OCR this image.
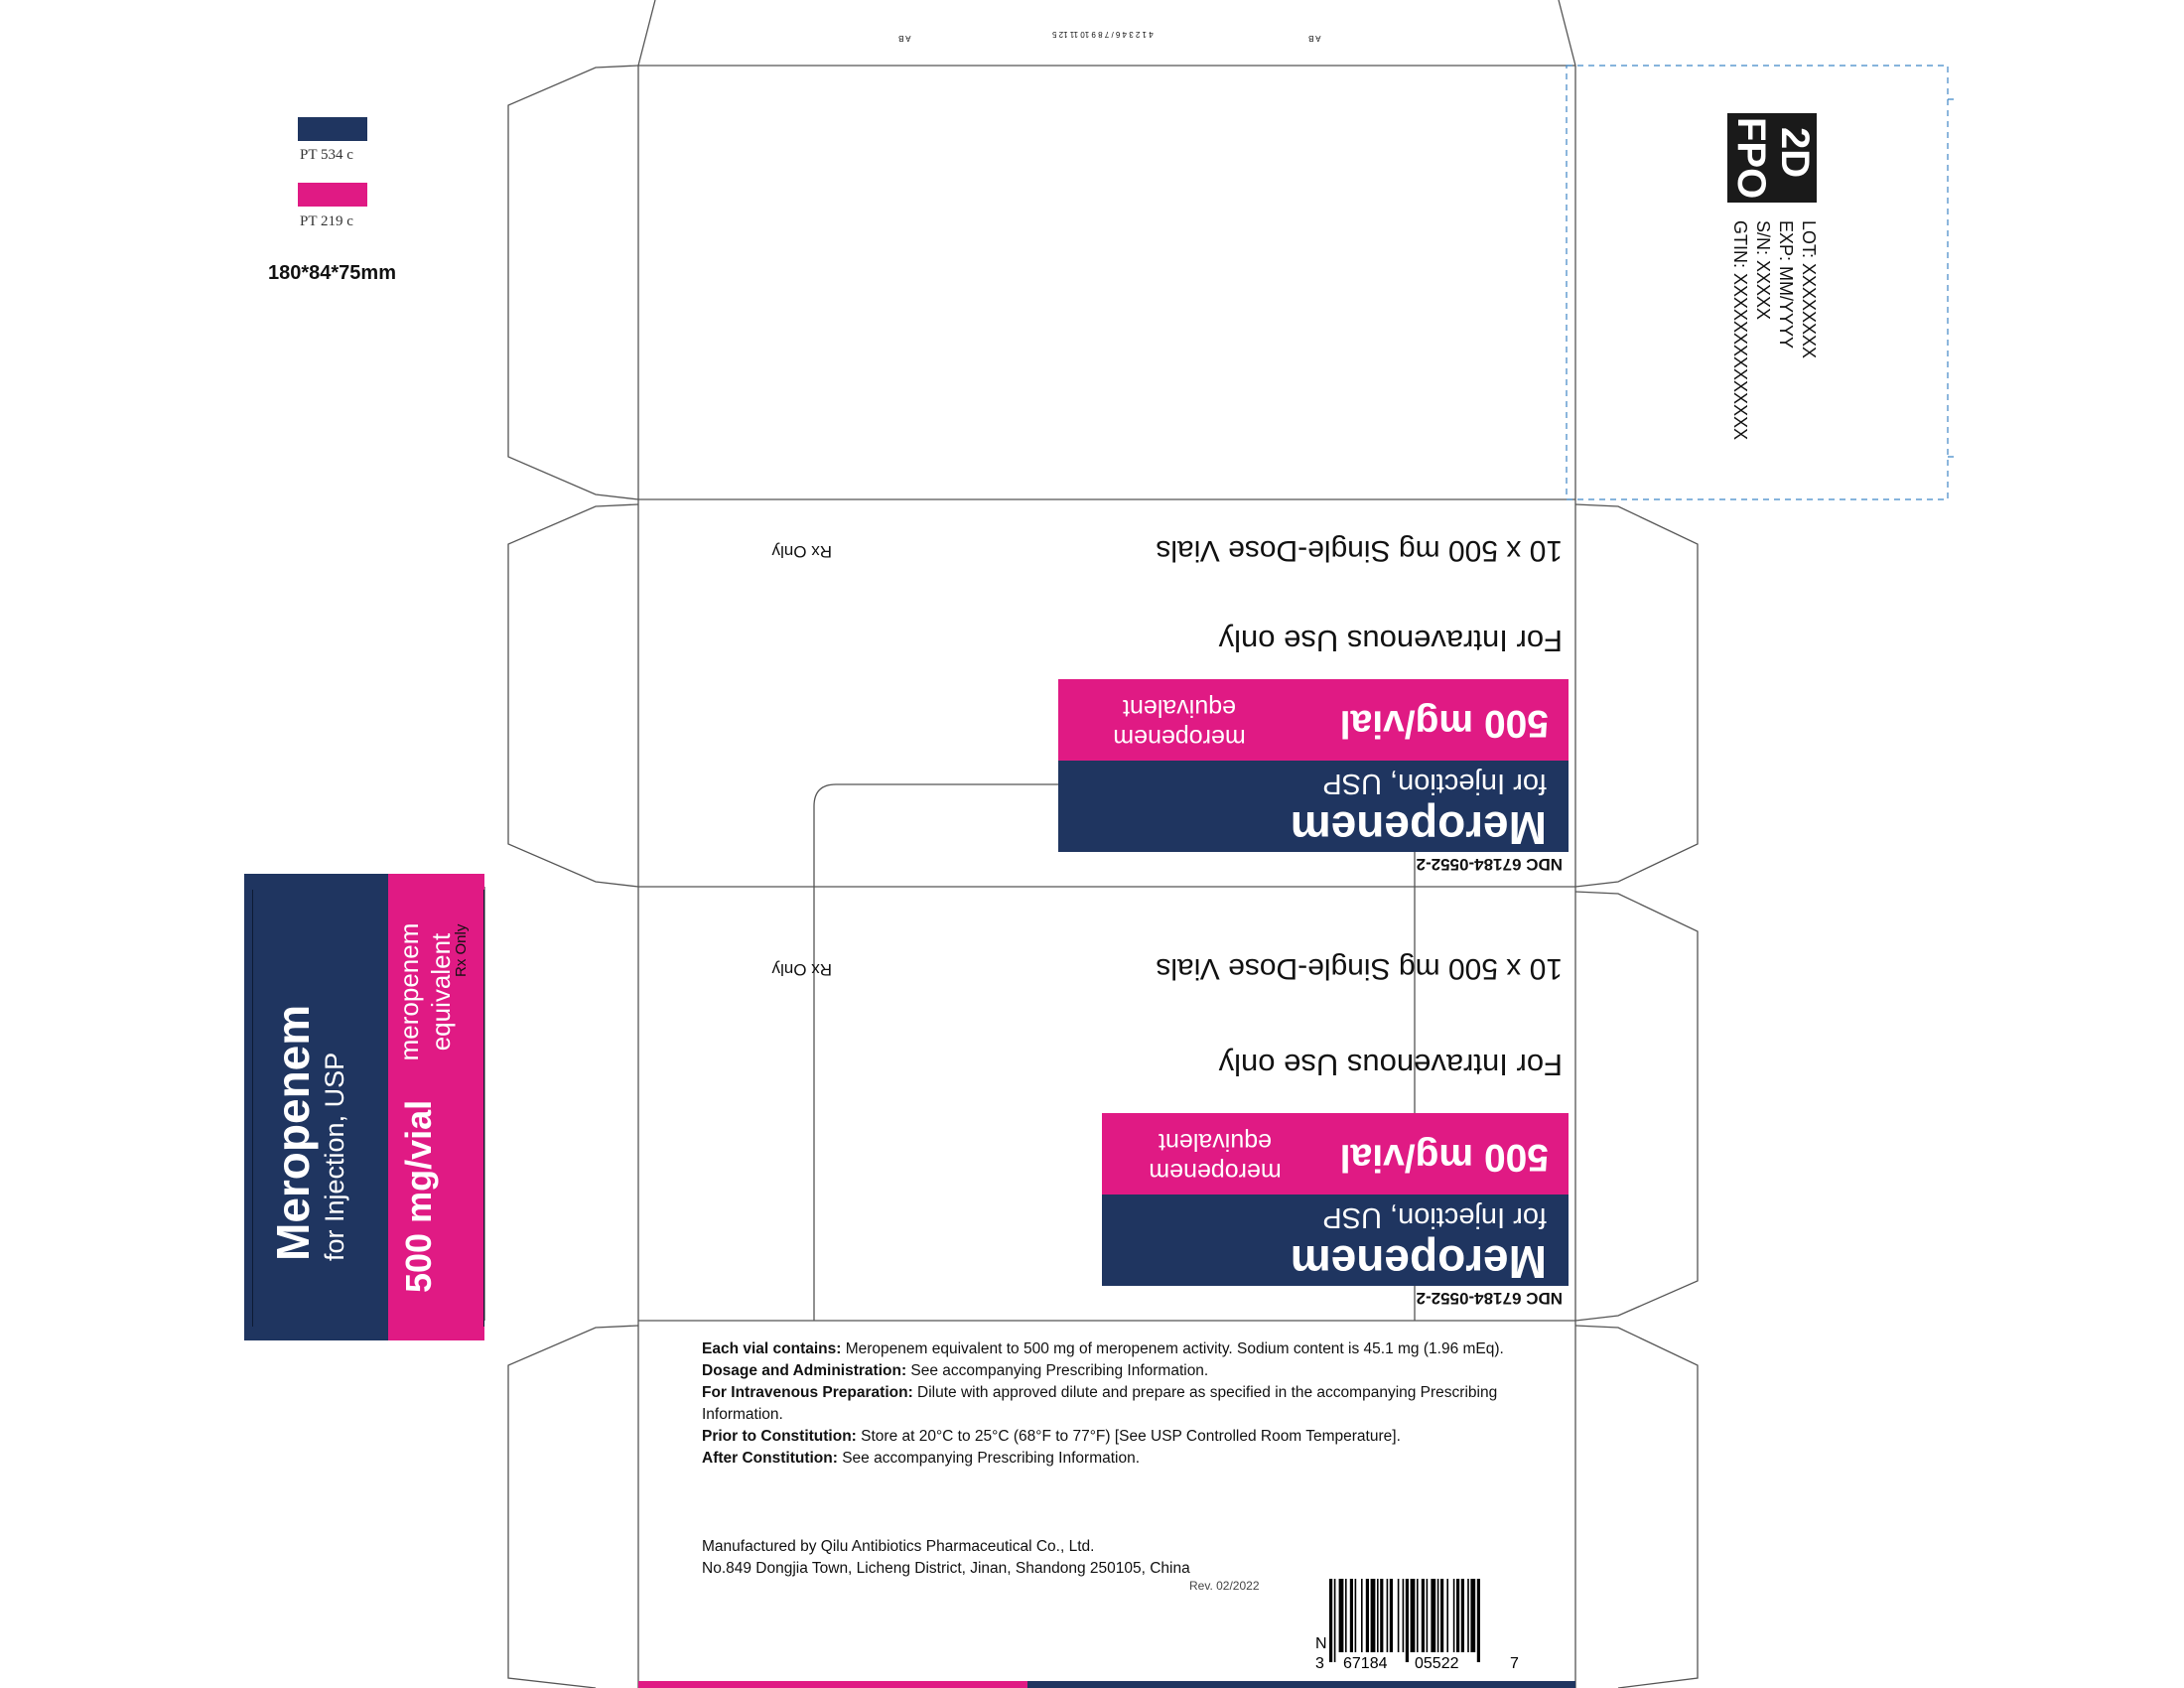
PT 534 c
PT 219 c
180*84*75mm
A B	4 1 2 3 4 6 / 7 8 9 10 11 12 5	A B
2D
FPO
LOT: XXXXXXXX
EXP: MM/YYYY
S/N: XXXXX
GTIN: XXXXXXXXXXXXXX
NDC 67184-0552-2
Meropenem
for Injection, USP
500 mg/vial
meropenem
equivalent
For Intravenous Use only
10 x 500 mg Single-Dose Vials
Rx Only
NDC 67184-0552-2
Meropenem
for Injection, USP
500 mg/vial
meropenem
equivalent
For Intravenous Use only
10 x 500 mg Single-Dose Vials
Rx Only
Meropenem for Injection, USP 500 mg/vial
meropenem equivalent
Rx Only

Each vial contains: Meropenem equivalent to 500 mg of meropenem activity. Sodium content is 45.1 mg (1.96 mEq).

Dosage and Administration: See accompanying Prescribing Information.

For Intravenous Preparation: Dilute with approved dilute and prepare as specified in the accompanying Prescribing Information.

Prior to Constitution: Store at 20°C to 25°C (68°F to 77°F) [See USP Controlled Room Temperature].

After Constitution: See accompanying Prescribing Information.

Manufactured by Qilu Antibiotics Pharmaceutical Co., Ltd.
No.849 Dongjia Town, Licheng District, Jinan, Shandong 250105, China
Rev. 02/2022
N
3 67184 05522	7
